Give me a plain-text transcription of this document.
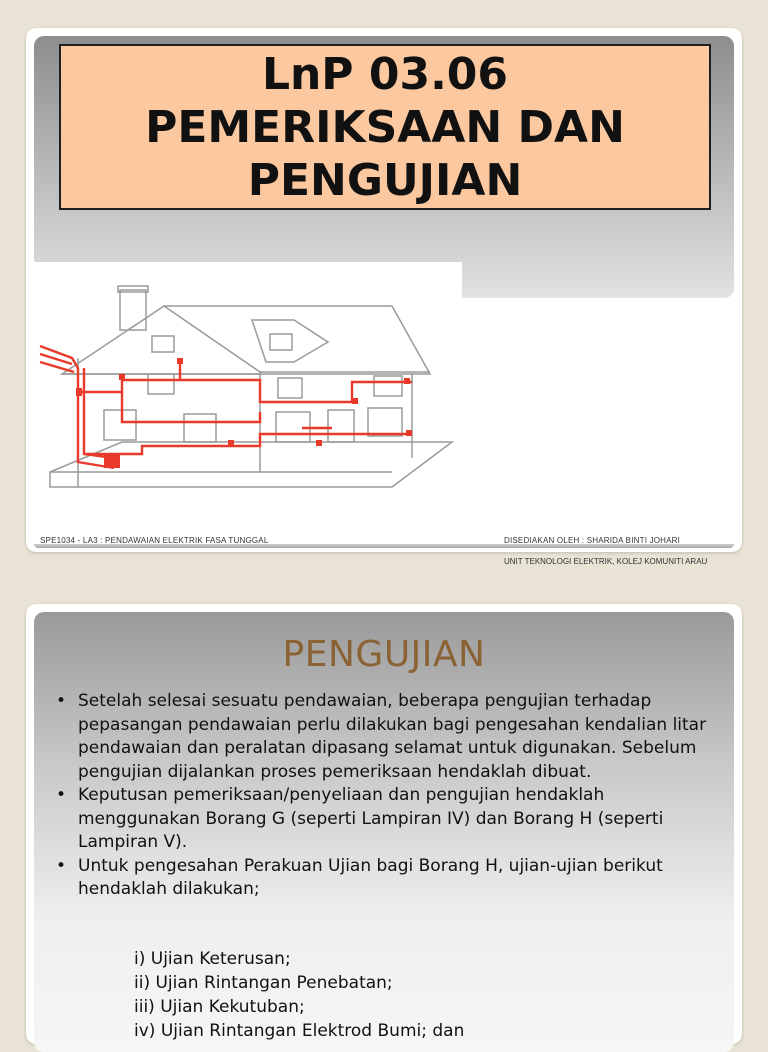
LnP 03.06
PEMERIKSAAN DAN
PENGUJIAN
SPE1034 - LA3 : PENDAWAIAN ELEKTRIK FASA TUNGGAL	DISEDIAKAN OLEH : SHARIDA BINTI JOHARI
UNIT TEKNOLOGI ELEKTRIK, KOLEJ KOMUNITI ARAU
PENGUJIAN
• Setelah selesai sesuatu pendawaian, beberapa pengujian terhadap pepasangan pendawaian perlu dilakukan bagi pengesahan kendalian litar pendawaian dan peralatan dipasang selamat untuk digunakan. Sebelum pengujian dijalankan proses pemeriksaan hendaklah dibuat.
• Keputusan pemeriksaan/penyeliaan dan pengujian hendaklah menggunakan Borang G (seperti Lampiran IV) dan Borang H (seperti Lampiran V).
• Untuk pengesahan Perakuan Ujian bagi Borang H, ujian-ujian berikut hendaklah dilakukan;
i) Ujian Keterusan;
ii) Ujian Rintangan Penebatan;
iii) Ujian Kekutuban;
iv) Ujian Rintangan Elektrod Bumi; dan
